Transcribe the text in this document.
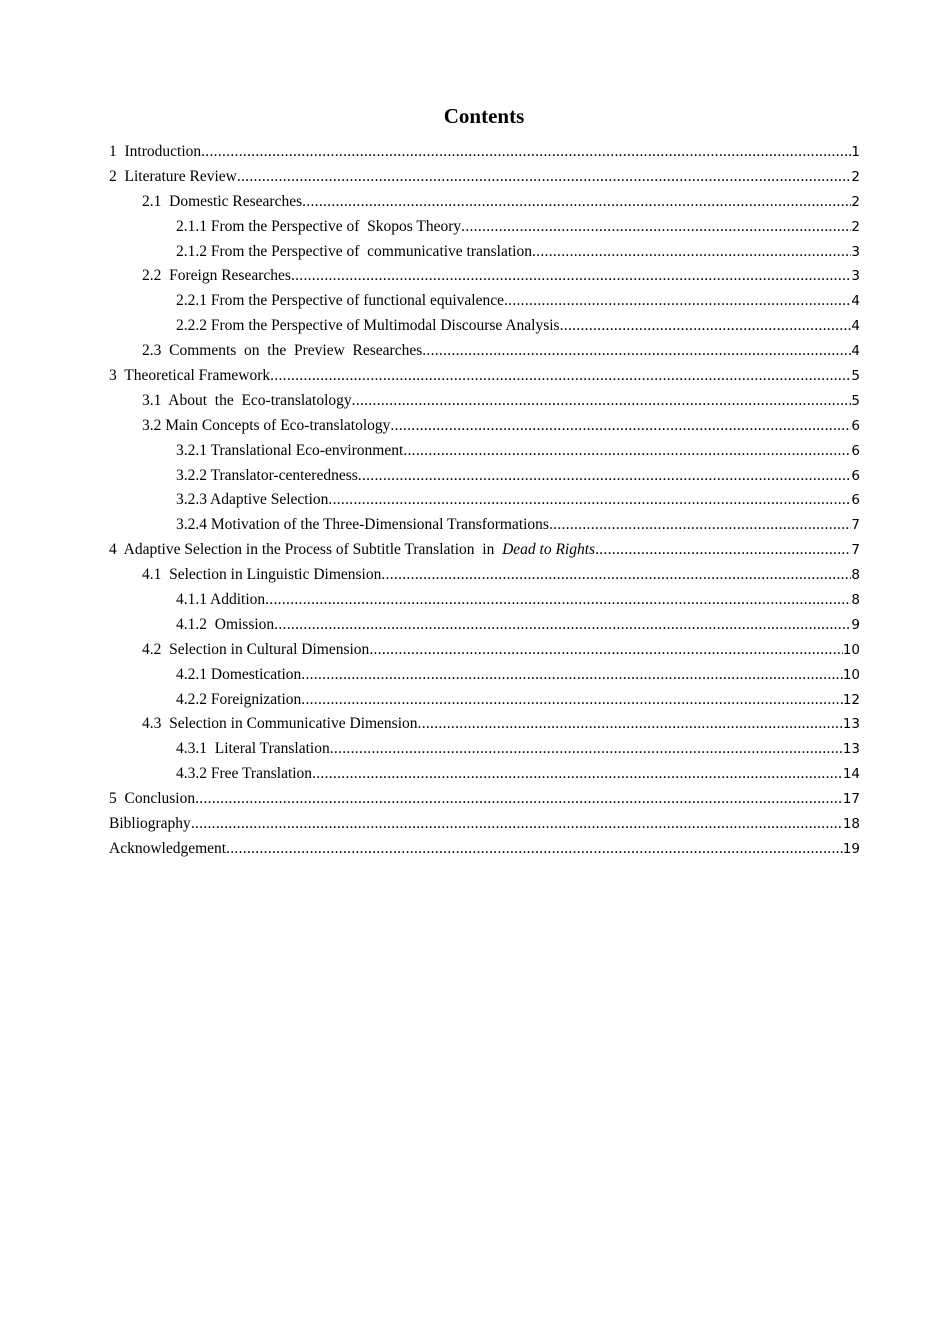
Contents
1  Introduction .....	1
2  Literature Review .....	2
2.1  Domestic Researches .....	2
2.1.1 From the Perspective of  Skopos Theory .....	2
2.1.2 From the Perspective of  communicative translation .....	3
2.2  Foreign Researches .....	3
2.2.1 From the Perspective of functional equivalence .....	4
2.2.2 From the Perspective of Multimodal Discourse Analysis .....	4
2.3  Comments  on  the  Preview  Researches .....	4
3  Theoretical Framework .....	5
3.1  About  the  Eco-translatology .....	5
3.2 Main Concepts of Eco-translatology .....	6
3.2.1 Translational Eco-environment .....	6
3.2.2 Translator-centeredness .....	6
3.2.3 Adaptive Selection .....	6
3.2.4 Motivation of the Three-Dimensional Transformations .....	7
4  Adaptive Selection in the Process of Subtitle Translation  in  Dead to Rights .....	7
4.1  Selection in Linguistic Dimension .....	8
4.1.1 Addition .....	8
4.1.2  Omission .....	9
4.2  Selection in Cultural Dimension .....	10
4.2.1 Domestication .....	10
4.2.2 Foreignization .....	12
4.3  Selection in Communicative Dimension .....	13
4.3.1  Literal Translation .....	13
4.3.2 Free Translation .....	14
5  Conclusion .....	17
Bibliography .....	18
Acknowledgement .....	19
